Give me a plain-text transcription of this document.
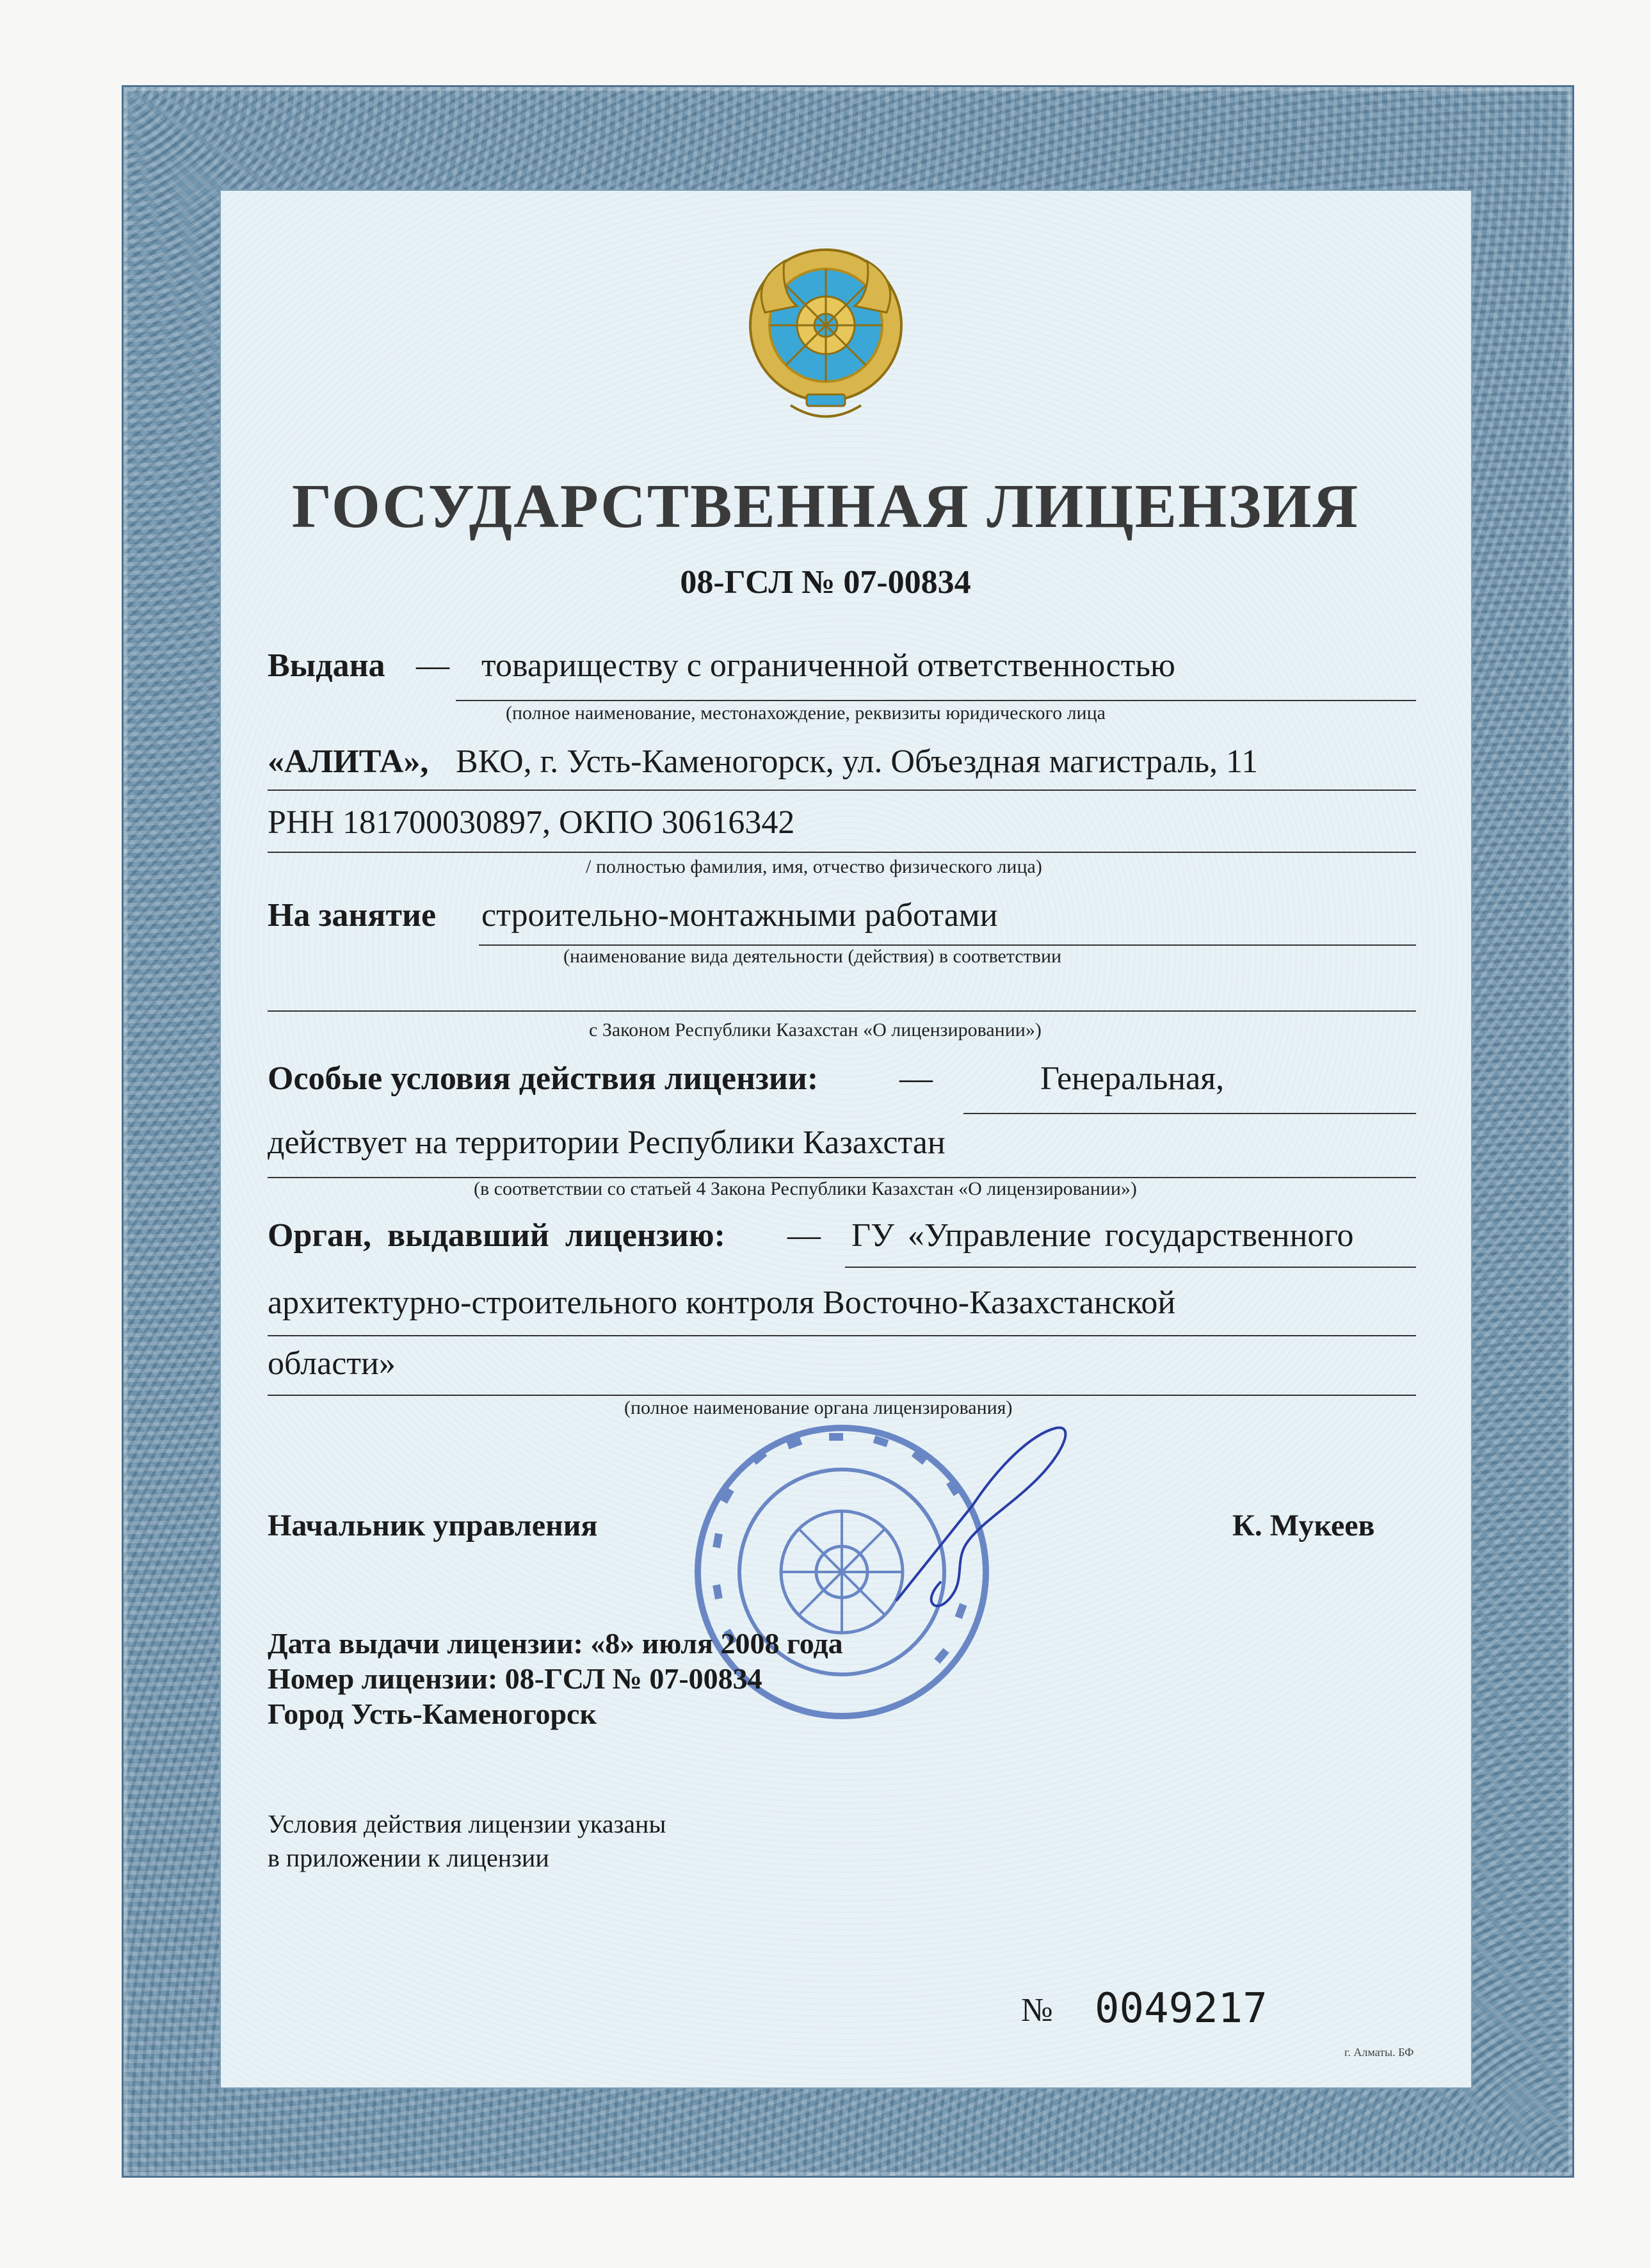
ГОСУДАРСТВЕННАЯ ЛИЦЕНЗИЯ
08-ГСЛ № 07-00834
Выдана — товариществу с ограниченной ответственностью
(полное наименование, местонахождение, реквизиты юридического лица
«АЛИТА», ВКО, г. Усть-Каменогорск, ул. Объездная магистраль, 11
РНН 181700030897, ОКПО 30616342
/ полностью фамилия, имя, отчество физического лица)
На занятие строительно-монтажными работами
(наименование вида деятельности (действия) в соответствии
с Законом Республики Казахстан «О лицензировании»)
Особые условия действия лицензии: —	Генеральная,
действует на территории Республики Казахстан
(в соответствии со статьей 4 Закона Республики Казахстан «О лицензировании»)
Орган, выдавший лицензию: — ГУ «Управление государственного
архитектурно-строительного контроля Восточно-Казахстанской
области»
(полное наименование органа лицензирования)
Начальник управления	К. Мукеев
Дата выдачи лицензии: «8» июля 2008 года
Номер лицензии: 08-ГСЛ № 07-00834
Город Усть-Каменогорск
Условия действия лицензии указаны
в приложении к лицензии
№ 0049217
г. Алматы. БФ
